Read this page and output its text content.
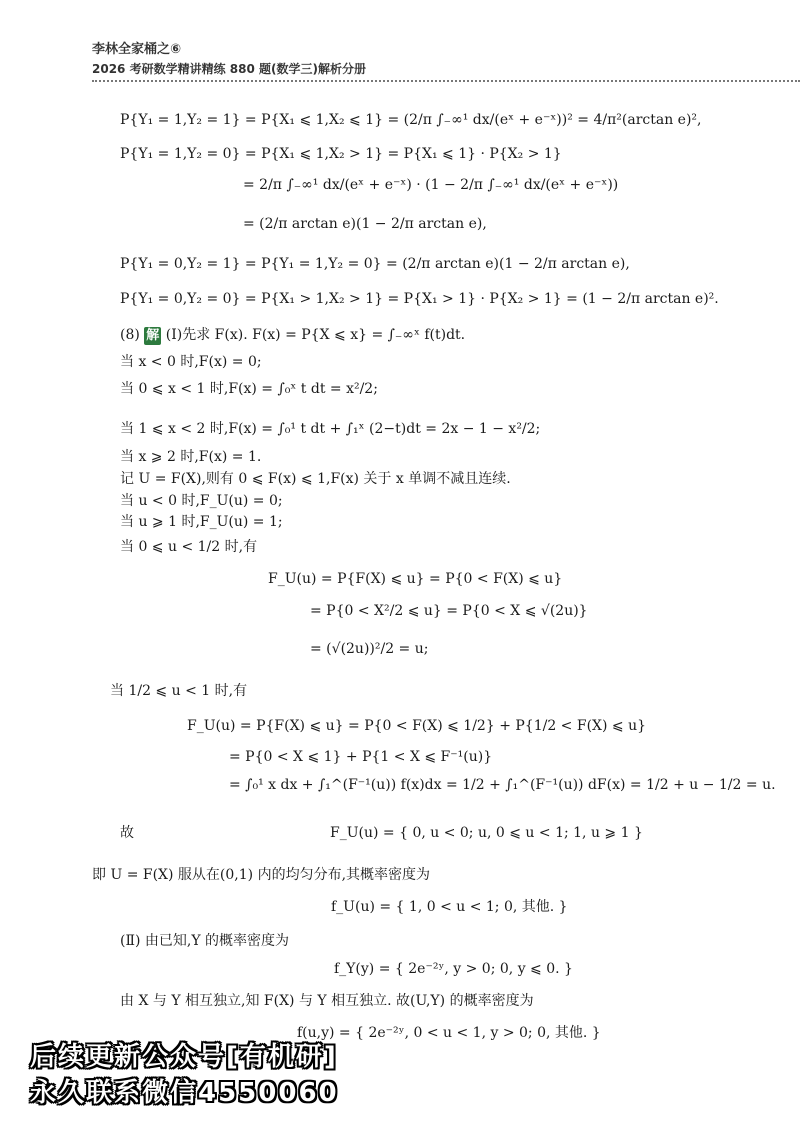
李林全家桶之⑥
2026 考研数学精讲精练 880 题(数学三)解析分册
P{Y₁ = 1,Y₂ = 1} = P{X₁ ⩽ 1,X₂ ⩽ 1} = (2/π ∫₋∞¹ dx/(eˣ + e⁻ˣ))² = 4/π²(arctan e)²,
P{Y₁ = 1,Y₂ = 0} = P{X₁ ⩽ 1,X₂ > 1} = P{X₁ ⩽ 1} · P{X₂ > 1}
= 2/π ∫₋∞¹ dx/(eˣ + e⁻ˣ) · (1 − 2/π ∫₋∞¹ dx/(eˣ + e⁻ˣ))
= (2/π arctan e)(1 − 2/π arctan e),
P{Y₁ = 0,Y₂ = 1} = P{Y₁ = 1,Y₂ = 0} = (2/π arctan e)(1 − 2/π arctan e),
P{Y₁ = 0,Y₂ = 0} = P{X₁ > 1,X₂ > 1} = P{X₁ > 1} · P{X₂ > 1} = (1 − 2/π arctan e)².
(8) 解 (Ⅰ)先求 F(x). F(x) = P{X ⩽ x} = ∫₋∞ˣ f(t)dt.
当 x < 0 时,F(x) = 0;
当 0 ⩽ x < 1 时,F(x) = ∫₀ˣ t dt = x²/2;
当 1 ⩽ x < 2 时,F(x) = ∫₀¹ t dt + ∫₁ˣ (2−t)dt = 2x − 1 − x²/2;
当 x ⩾ 2 时,F(x) = 1.
记 U = F(X),则有 0 ⩽ F(x) ⩽ 1,F(x) 关于 x 单调不减且连续.
当 u < 0 时,F_U(u) = 0;
当 u ⩾ 1 时,F_U(u) = 1;
当 0 ⩽ u < 1/2 时,有
F_U(u) = P{F(X) ⩽ u} = P{0 < F(X) ⩽ u}
= P{0 < X²/2 ⩽ u} = P{0 < X ⩽ √(2u)}
= (√(2u))²/2 = u;
当 1/2 ⩽ u < 1 时,有
F_U(u) = P{F(X) ⩽ u} = P{0 < F(X) ⩽ 1/2} + P{1/2 < F(X) ⩽ u}
= P{0 < X ⩽ 1} + P{1 < X ⩽ F⁻¹(u)}
= ∫₀¹ x dx + ∫₁^(F⁻¹(u)) f(x)dx = 1/2 + ∫₁^(F⁻¹(u)) dF(x) = 1/2 + u − 1/2 = u.
故	F_U(u) = { 0, u < 0; u, 0 ⩽ u < 1; 1, u ⩾ 1 }
即 U = F(X) 服从在(0,1) 内的均匀分布,其概率密度为
f_U(u) = { 1, 0 < u < 1; 0, 其他. }
(Ⅱ) 由已知,Y 的概率密度为
f_Y(y) = { 2e⁻²ʸ, y > 0; 0, y ⩽ 0. }
由 X 与 Y 相互独立,知 F(X) 与 Y 相互独立. 故(U,Y) 的概率密度为
f(u,y) = { 2e⁻²ʸ, 0 < u < 1, y > 0; 0, 其他. }
后续更新公众号[有机研]
永久联系微信4550060
